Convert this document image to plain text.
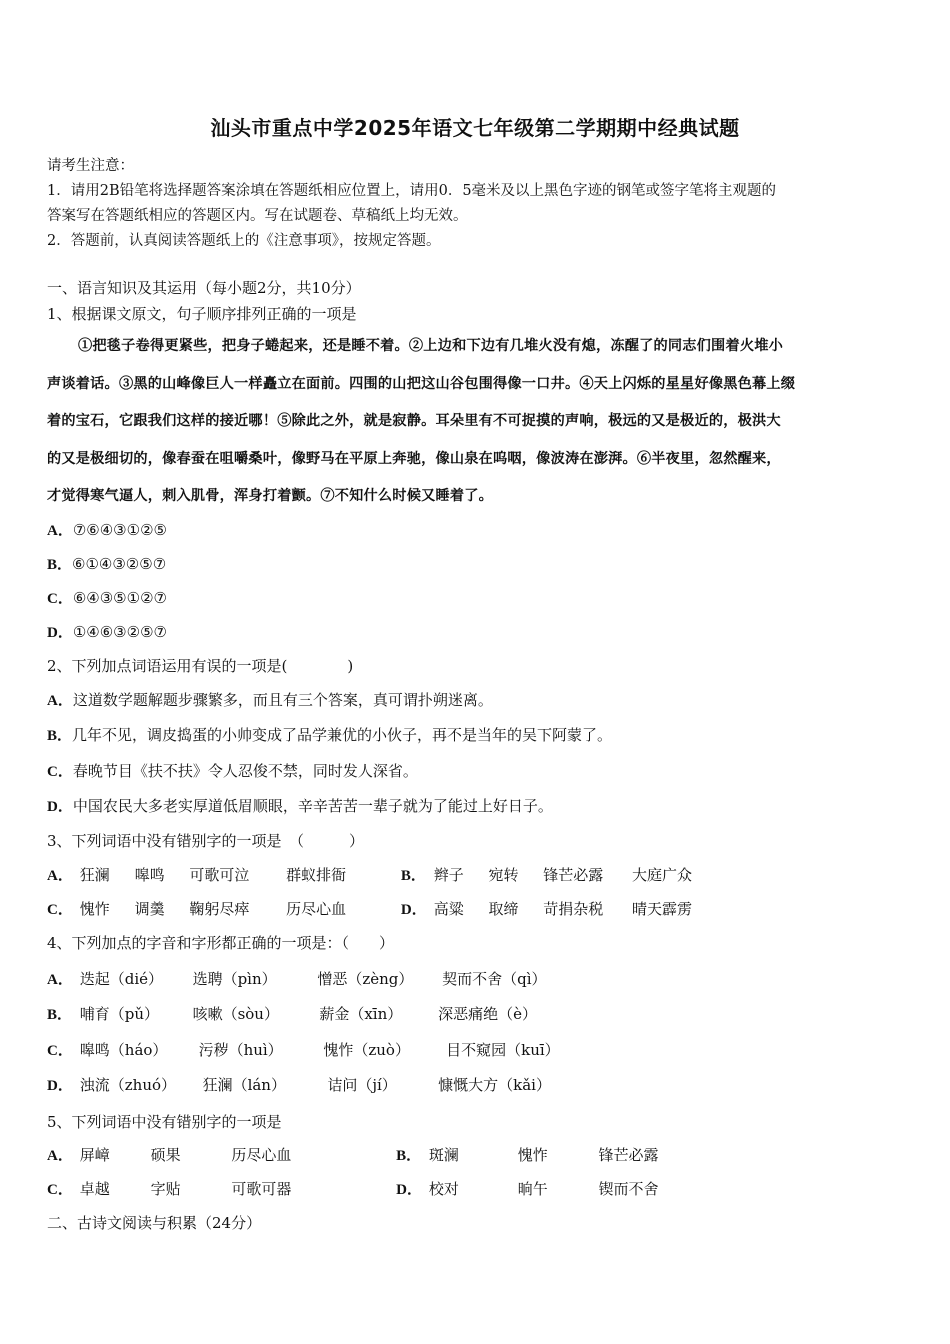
汕头市重点中学2025年语文七年级第二学期期中经典试题
请考生注意：
1．请用2B铅笔将选择题答案涂填在答题纸相应位置上，请用0．5毫米及以上黑色字迹的钢笔或签字笔将主观题的
答案写在答题纸相应的答题区内。写在试题卷、草稿纸上均无效。
2．答题前，认真阅读答题纸上的《注意事项》，按规定答题。
一、语言知识及其运用（每小题2分，共10分）
1、根据课文原文，句子顺序排列正确的一项是
①把毯子卷得更紧些，把身子蜷起来，还是睡不着。②上边和下边有几堆火没有熄，冻醒了的同志们围着火堆小
声谈着话。③黑的山峰像巨人一样矗立在面前。四围的山把这山谷包围得像一口井。④天上闪烁的星星好像黑色幕上缀
着的宝石，它跟我们这样的接近哪！⑤除此之外，就是寂静。耳朵里有不可捉摸的声响，极远的又是极近的，极洪大
的又是极细切的，像春蚕在咀嚼桑叶，像野马在平原上奔驰，像山泉在呜咽，像波涛在澎湃。⑥半夜里，忽然醒来，
才觉得寒气逼人，刺入肌骨，浑身打着颤。⑦不知什么时候又睡着了。
A．⑦⑥④③①②⑤
B．⑥①④③②⑤⑦
C．⑥④③⑤①②⑦
D．①④⑥③②⑤⑦
2、下列加点词语运用有误的一项是(　　　　)
A．这道数学题解题步骤繁多，而且有三个答案，真可谓扑朔迷离。
B．几年不见，调皮捣蛋的小帅变成了品学兼优的小伙子，再不是当年的吴下阿蒙了。
C．春晚节目《扶不扶》令人忍俊不禁，同时发人深省。
D．中国农民大多老实厚道低眉顺眼，辛辛苦苦一辈子就为了能过上好日子。
3、下列词语中没有错别字的一项是　（　　　）
A． 狂澜 嗥鸣 可歌可泣 群蚁排衙	B． 辫子 宛转 锋芒必露 大庭广众
C． 愧怍 调羹 鞠躬尽瘁 历尽心血	D． 高粱 取缔 苛捐杂税 晴天霹雳
4、下列加点的字音和字形都正确的一项是：（　　）
A． 迭起（dié） 选聘（pìn）	憎恶（zèng） 契而不舍（qì）
B． 哺育（pǔ） 咳嗽（sòu）	薪金（xīn） 深恶痛绝（è）
C． 嗥鸣（háo） 污秽（huì）	愧怍（zuò） 目不窥园（kuī）
D． 浊流（zhuó） 狂澜（lán）	诘问（jí）	慷慨大方（kǎi）
5、下列词语中没有错别字的一项是
A． 屏嶂	硕果	历尽心血	B． 斑澜	愧怍	锋芒必露
C． 卓越	字贴	可歌可器	D． 校对	晌午	锲而不舍
二、古诗文阅读与积累（24分）
